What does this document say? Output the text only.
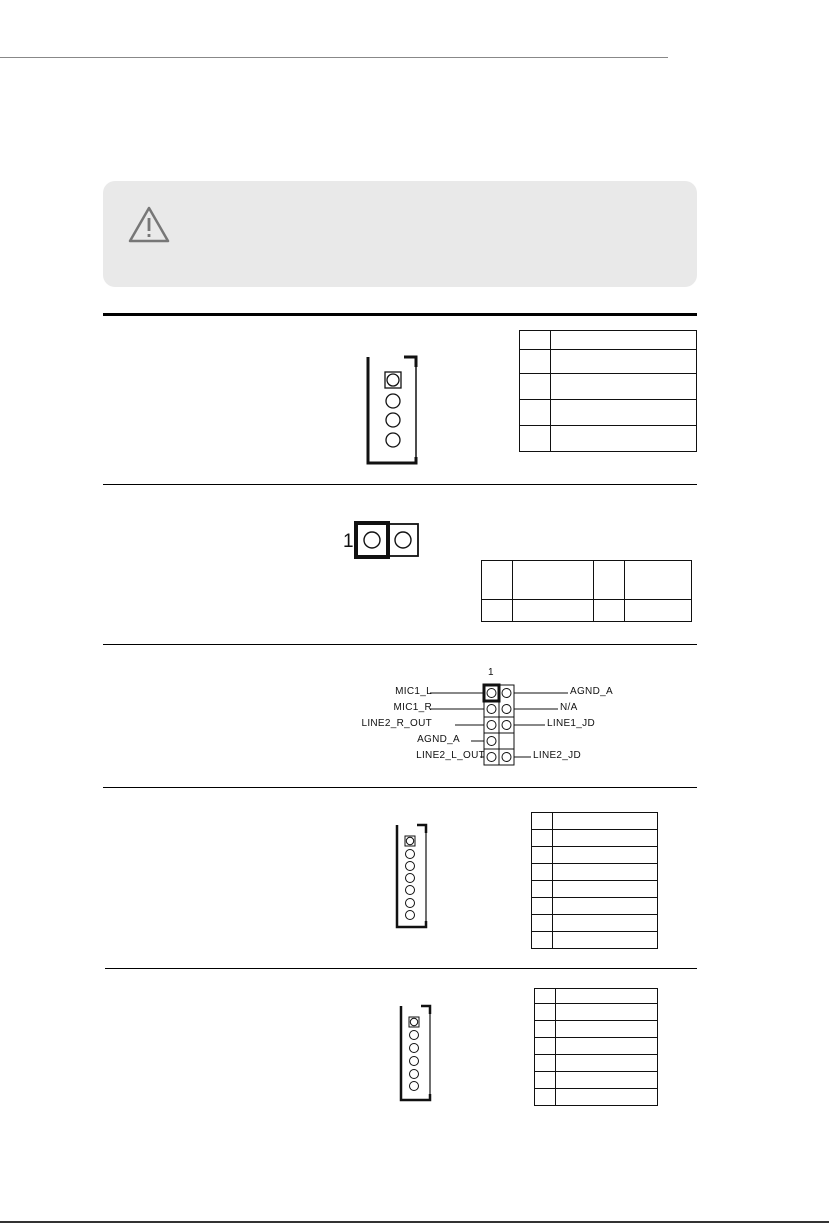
1

1
MIC1_L
MIC1_R
LINE2_R_OUT
AGND_A
LINE2_L_OUT
AGND_A
N/A
LINE1_JD
LINE2_JD
